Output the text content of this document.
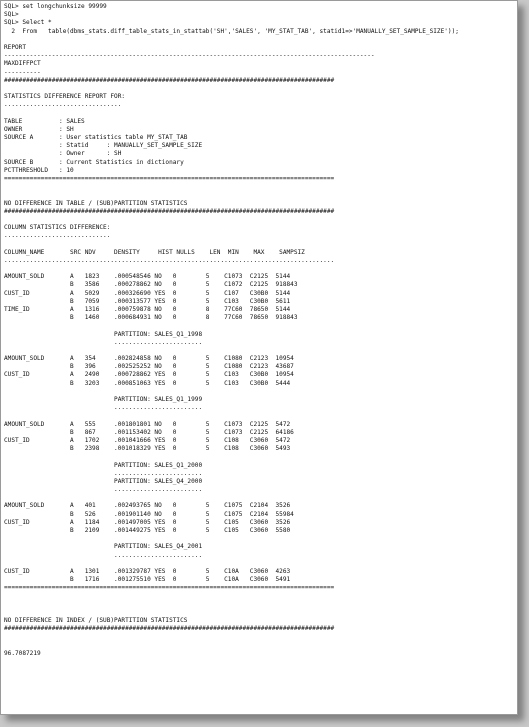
SQL> set longchunksize 99999
SQL>
SQL> Select *
2  From   table(dbms_stats.diff_table_stats_in_stattab('SH','SALES', 'MY_STAT_TAB', statid1=>'MANUALLY_SET_SAMPLE_SIZE'));
REPORT
-----------------------------------------------------------------------------------------------------
MAXDIFFPCT
----------
##########################################################################################
STATISTICS DIFFERENCE REPORT FOR:
................................
TABLE          : SALES
OWNER          : SH
SOURCE A       : User statistics table MY_STAT_TAB
: Statid     : MANUALLY_SET_SAMPLE_SIZE
: Owner      : SH
SOURCE B       : Current Statistics in dictionary
PCTTHRESHOLD   : 10
==========================================================================================
NO DIFFERENCE IN TABLE / (SUB)PARTITION STATISTICS
##########################################################################################
COLUMN STATISTICS DIFFERENCE:
.............................
COLUMN_NAME       SRC NDV     DENSITY     HIST NULLS    LEN  MIN    MAX    SAMPSIZ
..........................................................................................
AMOUNT_SOLD       A   1823    .000548546 NO   0        5    C1073  C2125  5144
B   3586    .000278862 NO   0        5    C1072  C2125  918843
CUST_ID           A   5029    .000326690 YES  0        5    C107   C30B0  5144
B   7059    .000313577 YES  0        5    C103   C30B0  5611
TIME_ID           A   1316    .000759878 NO   0        8    77C60  78650  5144
B   1460    .000684931 NO   0        8    77C60  78650  918843
PARTITION: SALES_Q1_1998
........................
AMOUNT_SOLD       A   354     .002824858 NO   0        5    C1080  C2123  10954
B   396     .002525252 NO   0        5    C1080  C2123  43687
CUST_ID           A   2490    .000728862 YES  0        5    C103   C30B0  10954
B   3203    .000851063 YES  0        5    C103   C30B0  5444
PARTITION: SALES_Q1_1999
........................
AMOUNT_SOLD       A   555     .001801801 NO   0        5    C1073  C2125  5472
B   867     .001153402 NO   0        5    C1073  C2125  64186
CUST_ID           A   1702    .001041666 YES  0        5    C108   C3060  5472
B   2398    .001018329 YES  0        5    C108   C3060  5493
PARTITION: SALES_Q1_2000
........................
PARTITION: SALES_Q4_2000
........................
AMOUNT_SOLD       A   401     .002493765 NO   0        5    C1075  C2104  3526
B   526     .001901140 NO   0        5    C1075  C2104  55984
CUST_ID           A   1184    .001497005 YES  0        5    C105   C3060  3526
B   2109    .001449275 YES  0        5    C105   C3060  5580
PARTITION: SALES_Q4_2001
........................
CUST_ID           A   1301    .001329787 YES  0        5    C10A   C3060  4263
B   1716    .001275510 YES  0        5    C10A   C3060  5491
==========================================================================================
NO DIFFERENCE IN INDEX / (SUB)PARTITION STATISTICS
##########################################################################################
96.7087219
